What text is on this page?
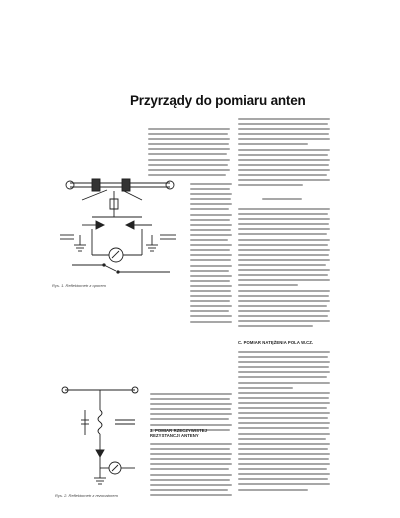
Przyrządy do pomiaru anten
3. POMIAR RZECZYWISTEJ REZYSTANCJI ANTENY
C. POMIAR NATĘŻENIA POLA W.CZ.
Rys. 1. Reflektometr z oporem
Rys. 2. Reflektometr z rezonatorem
